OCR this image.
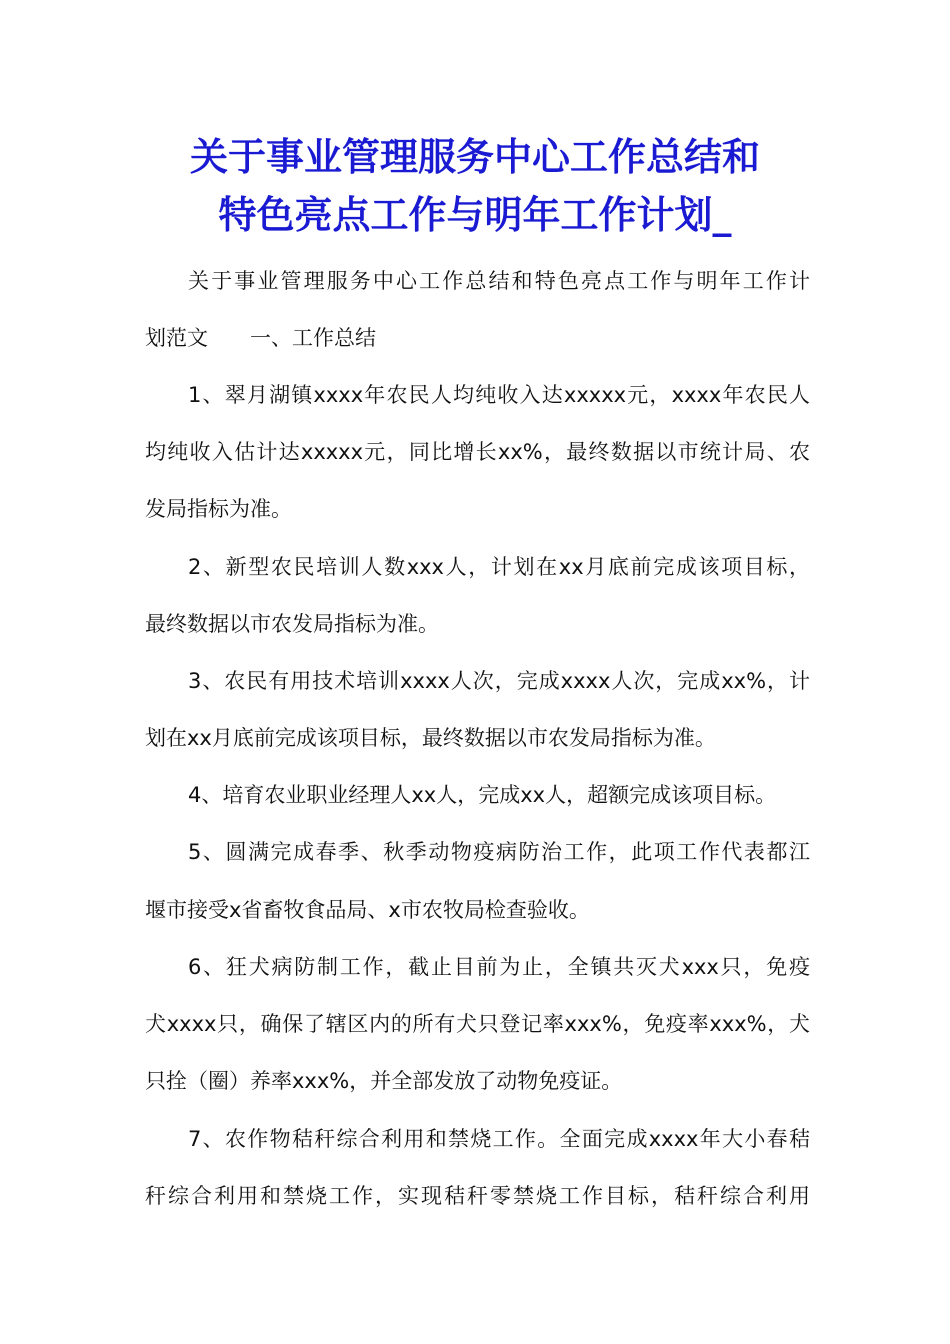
关于事业管理服务中心工作总结和
特色亮点工作与明年工作计划_

关于事业管理服务中心工作总结和特色亮点工作与明年工作计

划范文　　一、工作总结

1、翠月湖镇xxxx年农民人均纯收入达xxxxx元，xxxx年农民人

均纯收入估计达xxxxx元，同比增长xx%，最终数据以市统计局、农

发局指标为准。

2、新型农民培训人数xxx人，计划在xx月底前完成该项目标，

最终数据以市农发局指标为准。

3、农民有用技术培训xxxx人次，完成xxxx人次，完成xx%，计

划在xx月底前完成该项目标，最终数据以市农发局指标为准。

4、培育农业职业经理人xx人，完成xx人，超额完成该项目标。

5、圆满完成春季、秋季动物疫病防治工作，此项工作代表都江

堰市接受x省畜牧食品局、x市农牧局检查验收。

6、狂犬病防制工作，截止目前为止，全镇共灭犬xxx只，免疫

犬xxxx只，确保了辖区内的所有犬只登记率xxx%，免疫率xxx%，犬

只拴（圈）养率xxx%，并全部发放了动物免疫证。

7、农作物秸秆综合利用和禁烧工作。全面完成xxxx年大小春秸

秆综合利用和禁烧工作，实现秸秆零禁烧工作目标，秸秆综合利用
